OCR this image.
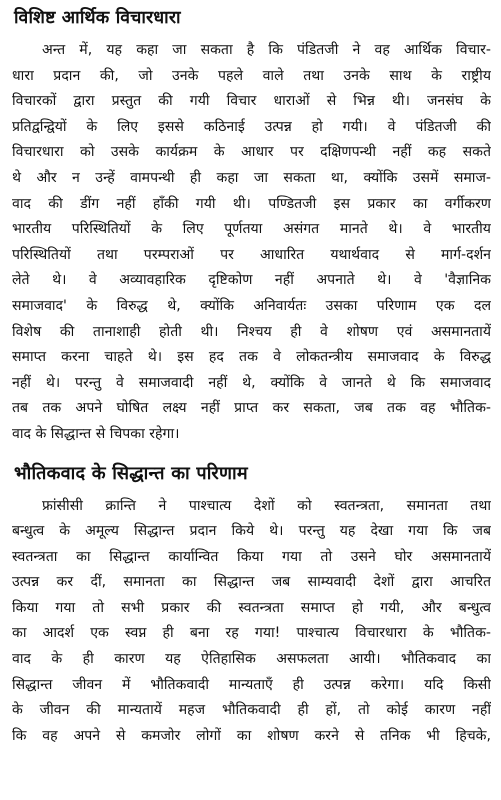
विशिष्ट आर्थिक विचारधारा
अन्त में, यह कहा जा सकता है कि पंडितजी ने वह आर्थिक विचार-
धारा प्रदान की, जो उनके पहले वाले तथा उनके साथ के राष्ट्रीय
विचारकों द्वारा प्रस्तुत की गयी विचार धाराओं से भिन्न थी। जनसंघ के
प्रतिद्वन्द्वियों के लिए इससे कठिनाई उत्पन्न हो गयी। वे पंडितजी की
विचारधारा को उसके कार्यक्रम के आधार पर दक्षिणपन्थी नहीं कह सकते
थे और न उन्हें वामपन्थी ही कहा जा सकता था, क्योंकि उसमें समाज-
वाद की डींग नहीं हाँकी गयी थी। पण्डितजी इस प्रकार का वर्गीकरण
भारतीय परिस्थितियों के लिए पूर्णतया असंगत मानते थे। वे भारतीय
परिस्थितियों तथा परम्पराओं पर आधारित यथार्थवाद से मार्ग-दर्शन
लेते थे। वे अव्यावहारिक दृष्टिकोण नहीं अपनाते थे। वे 'वैज्ञानिक
समाजवाद' के विरुद्ध थे, क्योंकि अनिवार्यतः उसका परिणाम एक दल
विशेष की तानाशाही होती थी। निश्चय ही वे शोषण एवं असमानतायें
समाप्त करना चाहते थे। इस हद तक वे लोकतन्त्रीय समाजवाद के विरुद्ध
नहीं थे। परन्तु वे समाजवादी नहीं थे, क्योंकि वे जानते थे कि समाजवाद
तब तक अपने घोषित लक्ष्य नहीं प्राप्त कर सकता, जब तक वह भौतिक-
वाद के सिद्धान्त से चिपका रहेगा।
भौतिकवाद के सिद्धान्त का परिणाम
फ्रांसीसी क्रान्ति ने पाश्चात्य देशों को स्वतन्त्रता, समानता तथा
बन्धुत्व के अमूल्य सिद्धान्त प्रदान किये थे। परन्तु यह देखा गया कि जब
स्वतन्त्रता का सिद्धान्त कार्यान्वित किया गया तो उसने घोर असमानतायें
उत्पन्न कर दीं, समानता का सिद्धान्त जब साम्यवादी देशों द्वारा आचरित
किया गया तो सभी प्रकार की स्वतन्त्रता समाप्त हो गयी, और बन्धुत्व
का आदर्श एक स्वप्न ही बना रह गया! पाश्चात्य विचारधारा के भौतिक-
वाद के ही कारण यह ऐतिहासिक असफलता आयी। भौतिकवाद का
सिद्धान्त जीवन में भौतिकवादी मान्यताएँ ही उत्पन्न करेगा। यदि किसी
के जीवन की मान्यतायें महज भौतिकवादी ही हों, तो कोई कारण नहीं
कि वह अपने से कमजोर लोगों का शोषण करने से तनिक भी हिचके,
